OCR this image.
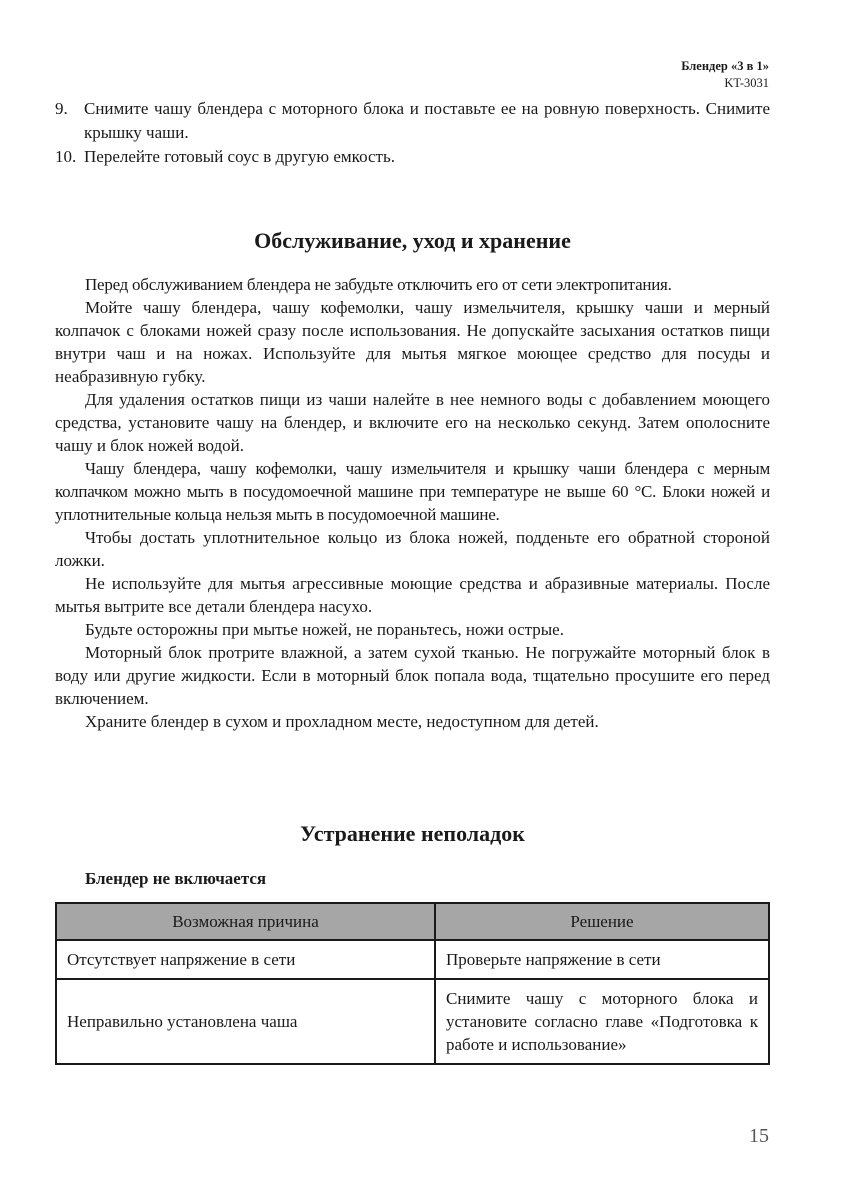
Блендер «3 в 1»
KT-3031
9. Снимите чашу блендера с моторного блока и поставьте ее на ровную поверхность. Снимите крышку чаши.
10. Перелейте готовый соус в другую емкость.
Обслуживание, уход и хранение

Перед обслуживанием блендера не забудьте отключить его от сети электропитания.

Мойте чашу блендера, чашу кофемолки, чашу измельчителя, крышку чаши и мерный колпачок с блоками ножей сразу после использования. Не допускайте засыхания остатков пищи внутри чаш и на ножах. Используйте для мытья мягкое моющее средство для посуды и неабразивную губку.

Для удаления остатков пищи из чаши налейте в нее немного воды с добавлением моющего средства, установите чашу на блендер, и включите его на несколько секунд. Затем ополосните чашу и блок ножей водой.

Чашу блендера, чашу кофемолки, чашу измельчителя и крышку чаши блендера с мерным колпачком можно мыть в посудомоечной машине при температуре не выше 60 °С. Блоки ножей и уплотнительные кольца нельзя мыть в посудомоечной машине.

Чтобы достать уплотнительное кольцо из блока ножей, подденьте его обратной стороной ложки.

Не используйте для мытья агрессивные моющие средства и абразивные материалы. После мытья вытрите все детали блендера насухо.

Будьте осторожны при мытье ножей, не пораньтесь, ножи острые.

Моторный блок протрите влажной, а затем сухой тканью. Не погружайте моторный блок в воду или другие жидкости. Если в моторный блок попала вода, тщательно просушите его перед включением.

Храните блендер в сухом и прохладном месте, недоступном для детей.

Устранение неполадок
Блендер не включается
Возможная причина	Решение
Отсутствует напряжение в сети	Проверьте напряжение в сети
Неправильно установлена чаша	Снимите чашу с моторного блока и установите согласно главе «Подготовка к работе и использование»
15
